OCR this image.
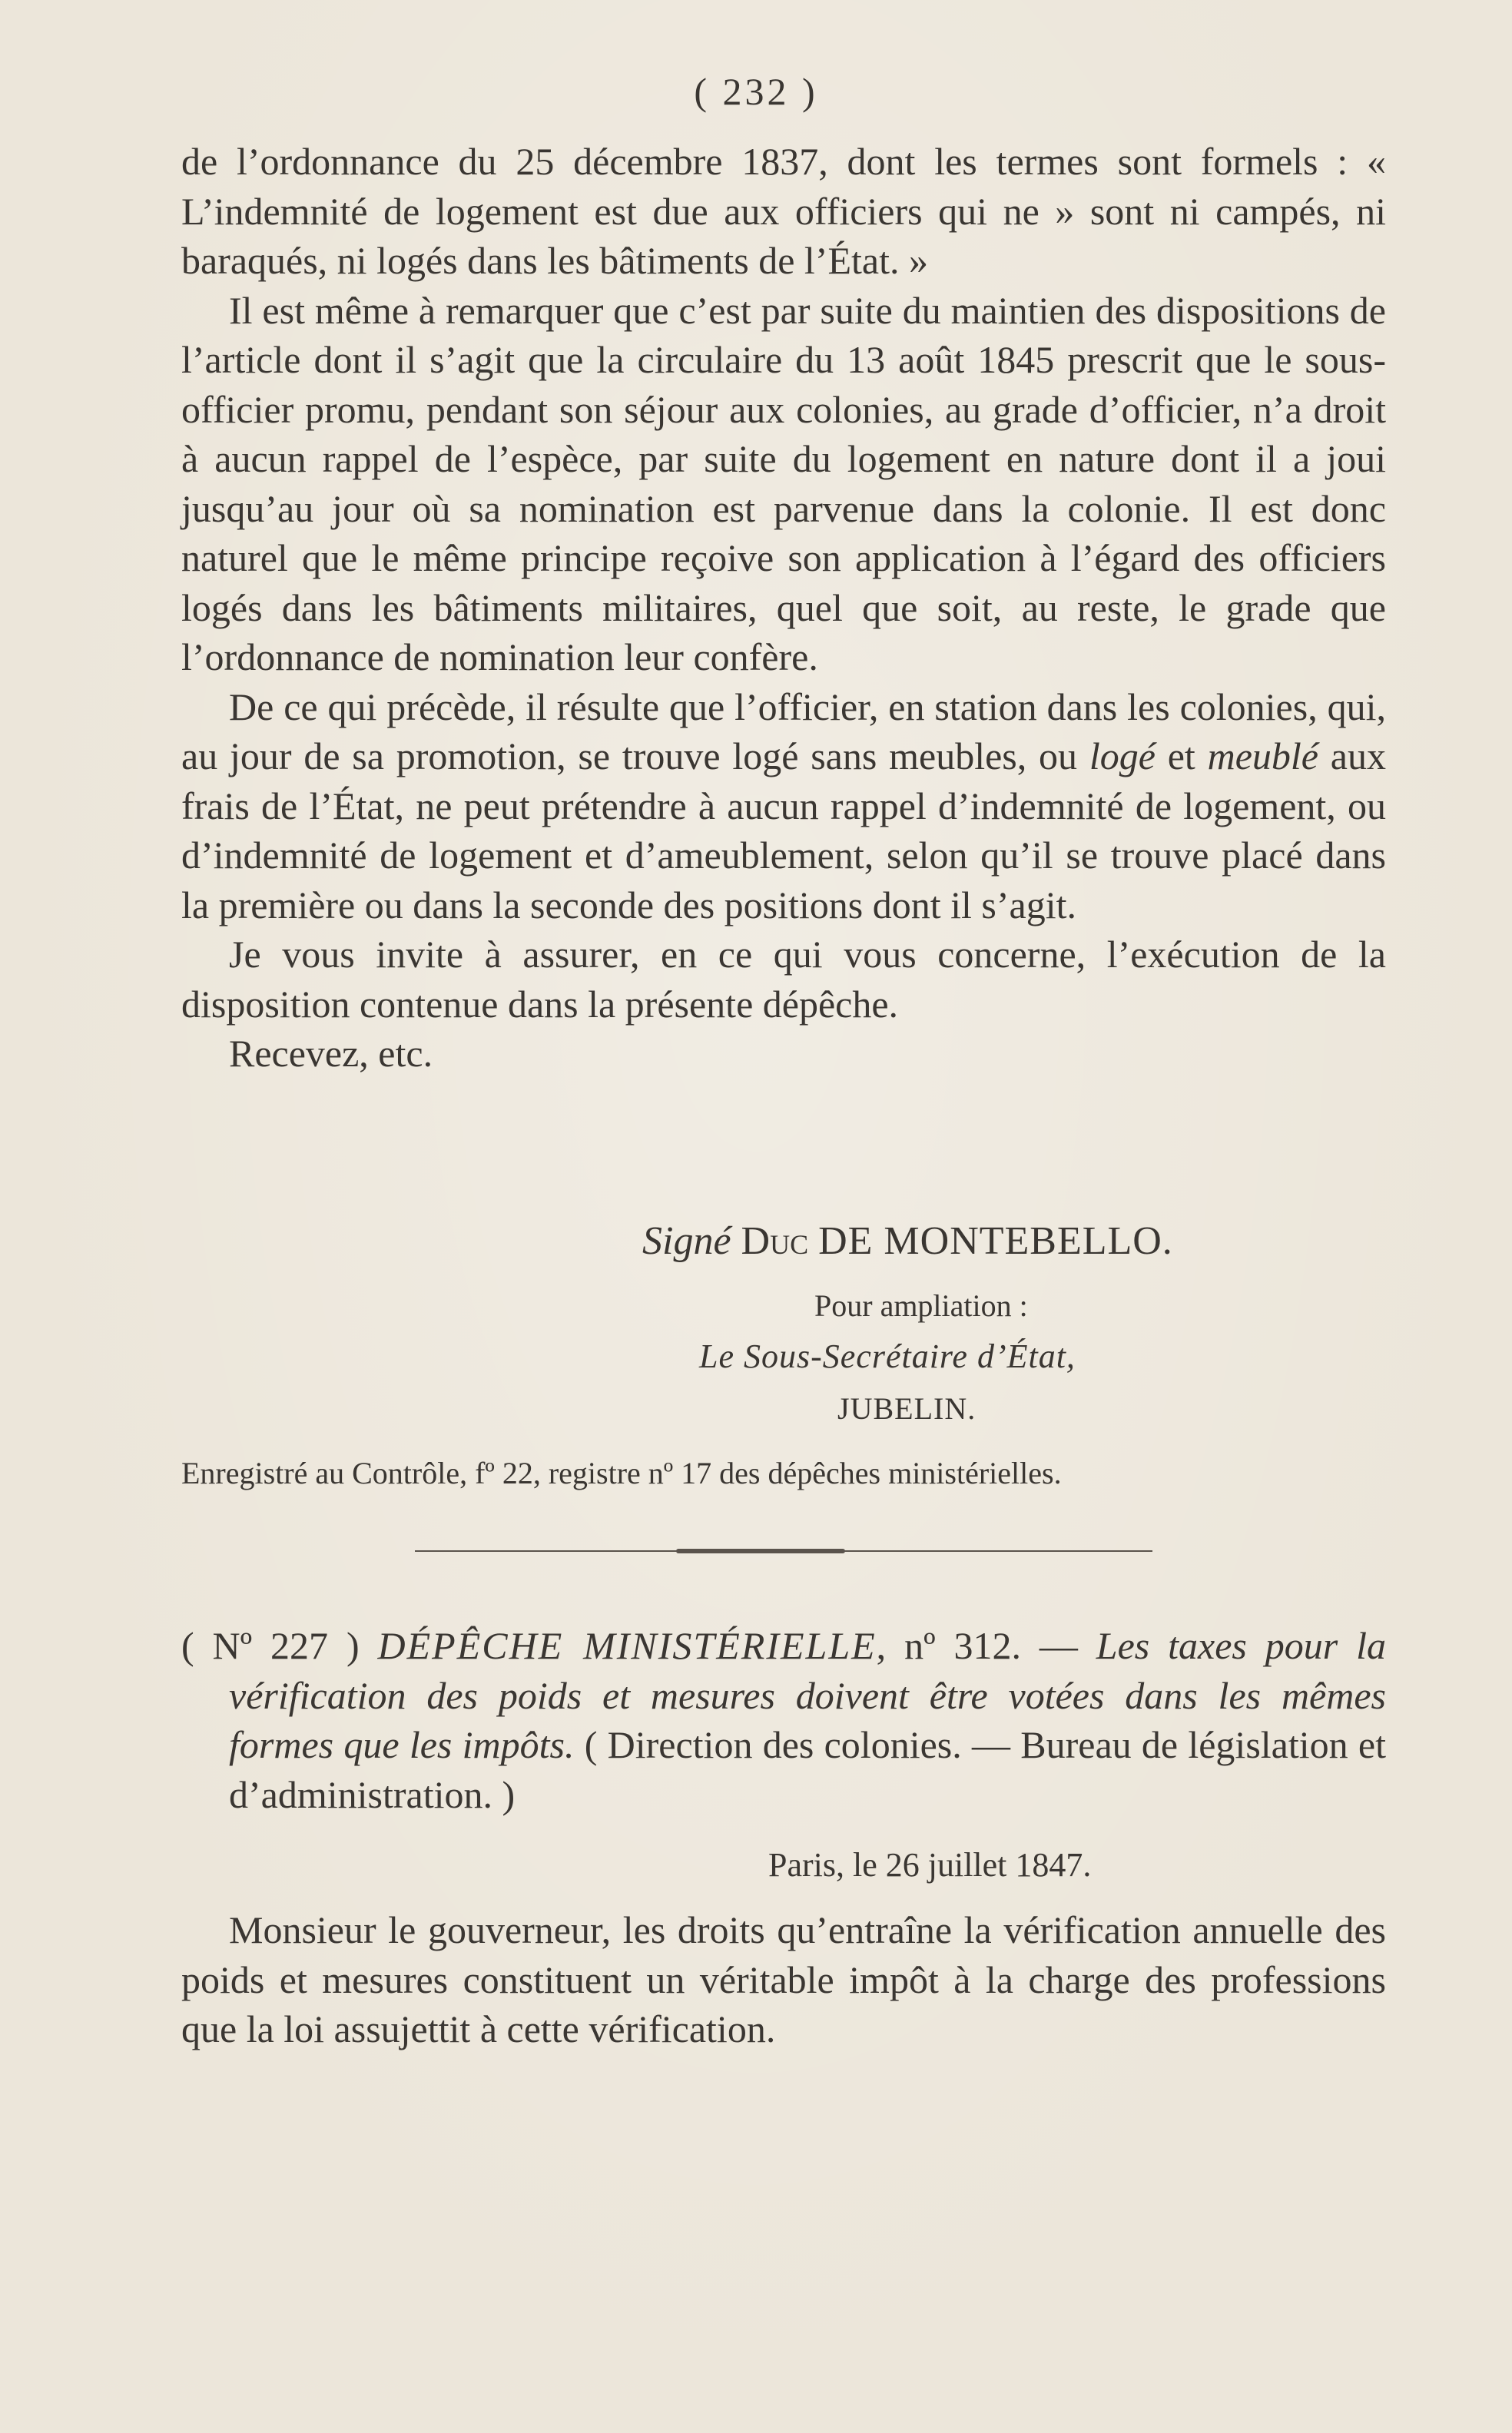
( 232 )

de l’ordonnance du 25 décembre 1837, dont les termes sont formels : « L’indemnité de logement est due aux officiers qui ne » sont ni campés, ni baraqués, ni logés dans les bâtiments de l’État. »

Il est même à remarquer que c’est par suite du maintien des dispositions de l’article dont il s’agit que la circulaire du 13 août 1845 prescrit que le sous-officier promu, pendant son séjour aux colonies, au grade d’officier, n’a droit à aucun rappel de l’espèce, par suite du logement en nature dont il a joui jusqu’au jour où sa nomination est parvenue dans la colonie. Il est donc naturel que le même principe reçoive son application à l’égard des officiers logés dans les bâtiments militaires, quel que soit, au reste, le grade que l’ordonnance de nomination leur confère.

De ce qui précède, il résulte que l’officier, en station dans les colonies, qui, au jour de sa promotion, se trouve logé sans meubles, ou logé et meublé aux frais de l’État, ne peut prétendre à aucun rappel d’indemnité de logement, ou d’indemnité de logement et d’ameublement, selon qu’il se trouve placé dans la première ou dans la seconde des positions dont il s’agit.

Je vous invite à assurer, en ce qui vous concerne, l’exécution de la disposition contenue dans la présente dépêche.

Recevez, etc.

Signé Duc DE MONTEBELLO.
Pour ampliation :
Le Sous-Secrétaire d’État,
JUBELIN.
Enregistré au Contrôle, fº 22, registre nº 17 des dépêches ministérielles.

( Nº 227 ) DÉPÊCHE MINISTÉRIELLE, nº 312. — Les taxes pour la vérification des poids et mesures doivent être votées dans les mêmes formes que les impôts. ( Direction des colonies. — Bureau de législation et d’administration. )

Paris, le 26 juillet 1847.

Monsieur le gouverneur, les droits qu’entraîne la vérification annuelle des poids et mesures constituent un véritable impôt à la charge des professions que la loi assujettit à cette vérification.
